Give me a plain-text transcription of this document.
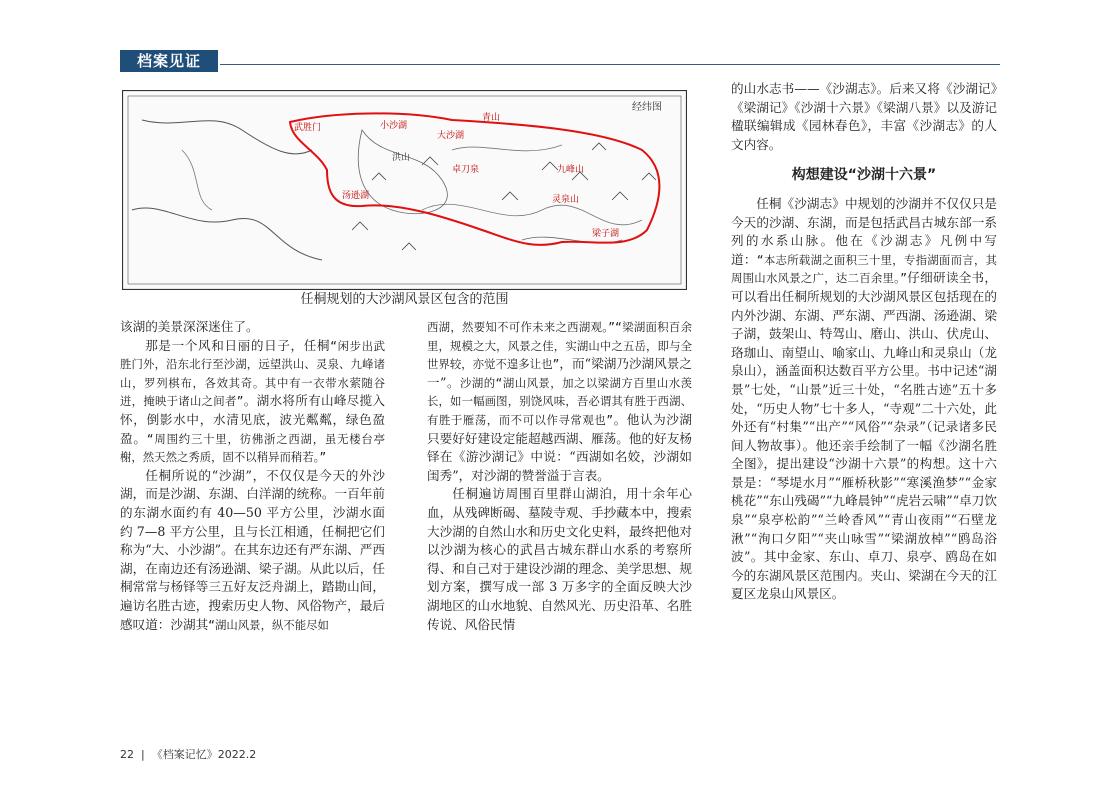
档案见证
经纬图
武胜门	小沙湖
青山
大沙湖
九峰山
卓刀泉
汤逊湖	灵泉山
梁子湖
洪山
任桐规划的大沙湖风景区包含的范围

该湖的美景深深迷住了。

那是一个风和日丽的日子，任桐“闲步出武胜门外，沿东北行至沙湖，远望洪山、灵泉、九峰诸山，罗列棋布，各效其奇。其中有一衣带水萦随谷迸，掩映于诸山之间者”。湖水将所有山峰尽揽入怀，倒影水中，水清见底，波光粼粼，绿色盈盈。“周围约三十里，彷佛浙之西湖，虽无楼台亭榭，然天然之秀质，固不以稍异而稍若。”

任桐所说的“沙湖”，不仅仅是今天的外沙湖，而是沙湖、东湖、白洋湖的统称。一百年前的东湖水面约有 40—50 平方公里，沙湖水面约 7—8 平方公里，且与长江相通，任桐把它们称为“大、小沙湖”。在其东边还有严东湖、严西湖，在南边还有汤逊湖、梁子湖。从此以后，任桐常常与杨铎等三五好友泛舟湖上，踏勘山间，遍访名胜古迹，搜索历史人物、风俗物产，最后感叹道：沙湖其“湖山风景，纵不能尽如

西湖，然要知不可作未来之西湖观。”“梁湖面积百余里，规模之大，风景之佳，实湖山中之五岳，即与全世界较，亦觉不遑多让也”，而“梁湖乃沙湖风景之一”。沙湖的“湖山风景，加之以梁湖方百里山水羡长，如一幅画图，别饶风味，吾必谓其有胜于西湖、有胜于雁荡，而不可以作寻常观也”。他认为沙湖只要好好建设定能超越西湖、雁荡。他的好友杨铎在《游沙湖记》中说：“西湖如名姣，沙湖如闺秀”，对沙湖的赞誉溢于言表。

任桐遍访周围百里群山湖泊，用十余年心血，从残碑断碣、墓陵寺观、手抄藏本中，搜索大沙湖的自然山水和历史文化史料，最终把他对以沙湖为核心的武昌古城东群山水系的考察所得、和自己对于建设沙湖的理念、美学思想、规划方案，撰写成一部 3 万多字的全面反映大沙湖地区的山水地貌、自然风光、历史沿革、名胜传说、风俗民情

的山水志书——《沙湖志》。后来又将《沙湖记》《梁湖记》《沙湖十六景》《梁湖八景》以及游记楹联编辑成《园林春色》，丰富《沙湖志》的人文内容。

构想建设“沙湖十六景”

任桐《沙湖志》中规划的沙湖并不仅仅只是今天的沙湖、东湖，而是包括武昌古城东部一系列的水系山脉。他在《沙湖志》凡例中写道：“本志所载湖之面积三十里，专指湖面而言，其周围山水风景之广，达二百余里。”仔细研读全书，可以看出任桐所规划的大沙湖风景区包括现在的内外沙湖、东湖、严东湖、严西湖、汤逊湖、梁子湖，鼓架山、特驾山、磨山、洪山、伏虎山、珞珈山、南望山、喻家山、九峰山和灵泉山（龙泉山），涵盖面积达数百平方公里。书中记述“湖景”七处，“山景”近三十处，“名胜古迹”五十多处，“历史人物”七十多人，“寺观”二十六处，此外还有“村集”“出产”“风俗”“杂录”（记录诸多民间人物故事）。他还亲手绘制了一幅《沙湖名胜全图》，提出建设“沙湖十六景”的构想。这十六景是：“琴堤水月”“雁桥秋影”“寒溪渔梦”“金家桃花”“东山残碣”“九峰晨钟”“虎岩云啸”“卓刀饮泉”“泉亭松韵”“兰岭香风”“青山夜雨”“石壁龙湫”“洵口夕阳”“夹山咏雪”“梁湖放棹”“鸥岛浴波”。其中金家、东山、卓刀、泉亭、鸥岛在如今的东湖风景区范围内。夹山、梁湖在今天的江夏区龙泉山风景区。

22 | 《档案记忆》2022.2
